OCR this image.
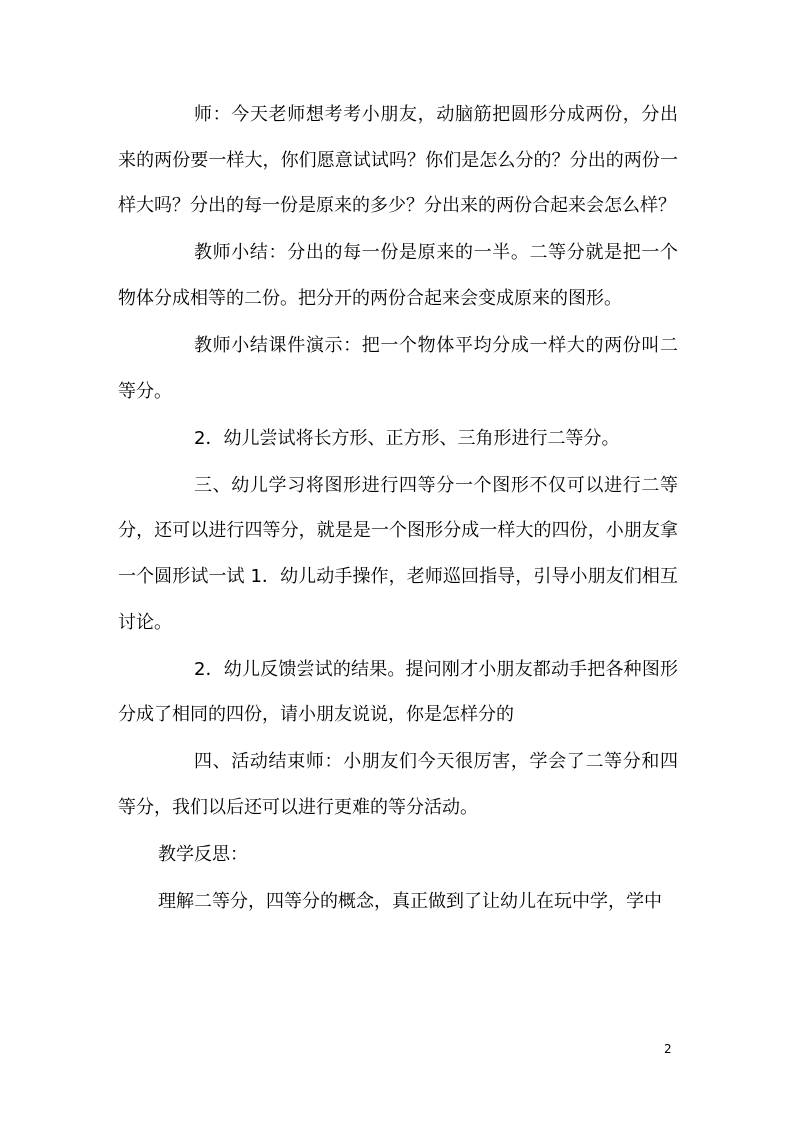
师：今天老师想考考小朋友，动脑筋把圆形分成两份，分出来的两份要一样大，你们愿意试试吗？你们是怎么分的？分出的两份一样大吗？分出的每一份是原来的多少？分出来的两份合起来会怎么样？

教师小结：分出的每一份是原来的一半。二等分就是把一个物体分成相等的二份。把分开的两份合起来会变成原来的图形。

教师小结课件演示：把一个物体平均分成一样大的两份叫二等分。

2．幼儿尝试将长方形、正方形、三角形进行二等分。

三、幼儿学习将图形进行四等分一个图形不仅可以进行二等分，还可以进行四等分，就是是一个图形分成一样大的四份，小朋友拿一个圆形试一试 1．幼儿动手操作，老师巡回指导，引导小朋友们相互讨论。

2．幼儿反馈尝试的结果。提问刚才小朋友都动手把各种图形分成了相同的四份，请小朋友说说，你是怎样分的

四、活动结束师：小朋友们今天很厉害，学会了二等分和四等分，我们以后还可以进行更难的等分活动。

教学反思：

理解二等分，四等分的概念，真正做到了让幼儿在玩中学，学中

2
